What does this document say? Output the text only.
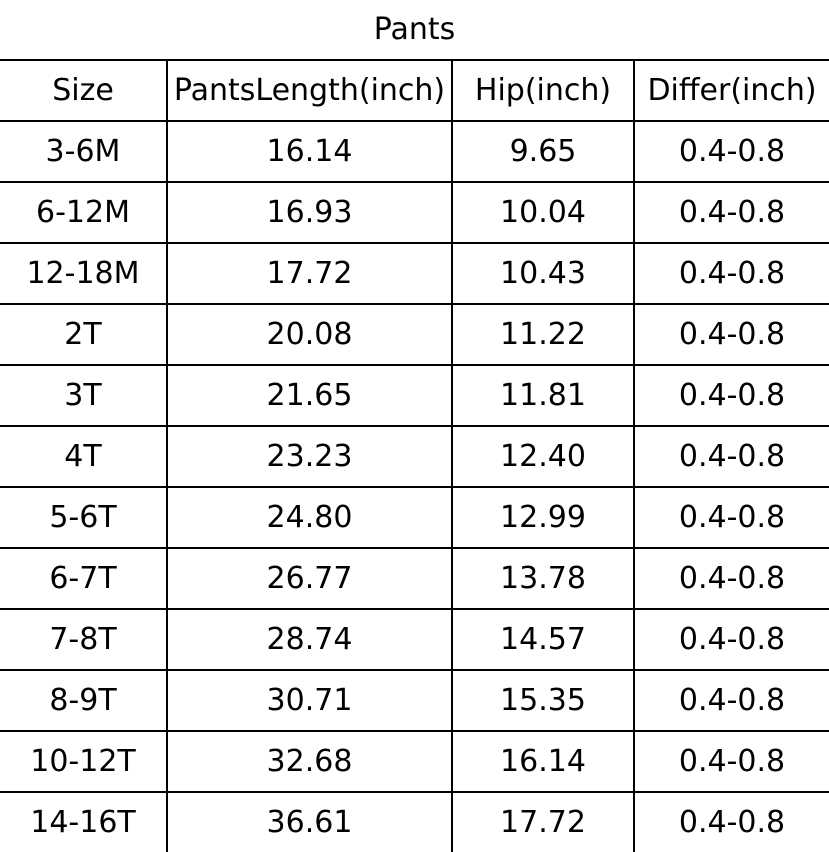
Pants			
Size	PantsLength(inch)	Hip(inch)	Differ(inch)
3-6M	16.14	9.65	0.4-0.8
6-12M	16.93	10.04	0.4-0.8
12-18M	17.72	10.43	0.4-0.8
2T	20.08	11.22	0.4-0.8
3T	21.65	11.81	0.4-0.8
4T	23.23	12.40	0.4-0.8
5-6T	24.80	12.99	0.4-0.8
6-7T	26.77	13.78	0.4-0.8
7-8T	28.74	14.57	0.4-0.8
8-9T	30.71	15.35	0.4-0.8
10-12T	32.68	16.14	0.4-0.8
14-16T	36.61	17.72	0.4-0.8
